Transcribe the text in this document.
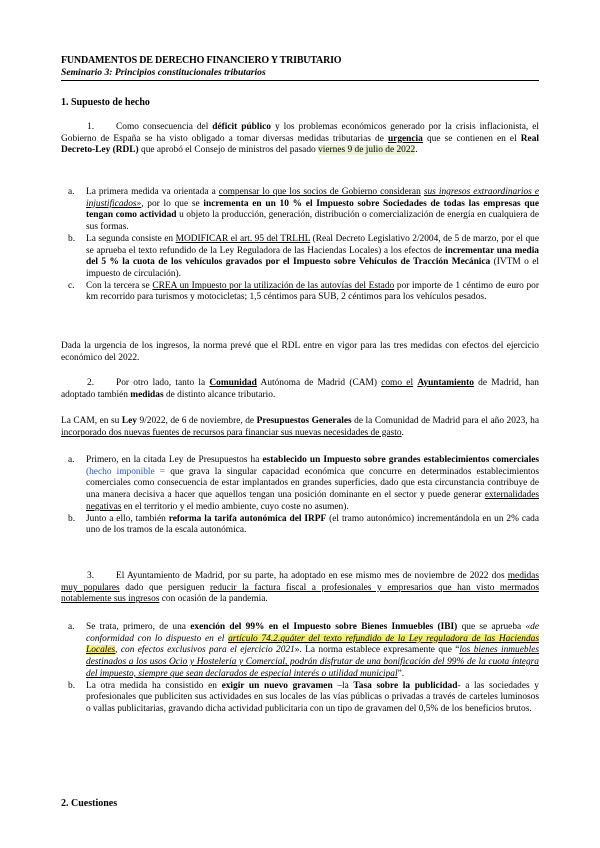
FUNDAMENTOS DE DERECHO FINANCIERO Y TRIBUTARIO
Seminario 3: Principios constitucionales tributarios
1. Supuesto de hecho
1. Como consecuencia del déficit público y los problemas económicos generado por la crisis inflacionista, el Gobierno de España se ha visto obligado a tomar diversas medidas tributarias de urgencia que se contienen en el Real Decreto-Ley (RDL) que aprobó el Consejo de ministros del pasado viernes 9 de julio de 2022.
a. La primera medida va orientada a compensar lo que los socios de Gobierno consideran sus ingresos extraordinarios e injustificados», por lo que se incrementa en un 10 % el Impuesto sobre Sociedades de todas las empresas que tengan como actividad u objeto la producción, generación, distribución o comercialización de energía en cualquiera de sus formas.
b. La segunda consiste en MODIFICAR el art. 95 del TRLHL (Real Decreto Legislativo 2/2004, de 5 de marzo, por el que se aprueba el texto refundido de la Ley Reguladora de las Haciendas Locales) a los efectos de incrementar una media del 5 % la cuota de los vehículos gravados por el Impuesto sobre Vehículos de Tracción Mecánica (IVTM o el impuesto de circulación).
c. Con la tercera se CREA un Impuesto por la utilización de las autovías del Estado por importe de 1 céntimo de euro por km recorrido para turismos y motocicletas; 1,5 céntimos para SUB, 2 céntimos para los vehículos pesados.
Dada la urgencia de los ingresos, la norma prevé que el RDL entre en vigor para las tres medidas con efectos del ejercicio económico del 2022.
2. Por otro lado, tanto la Comunidad Autónoma de Madrid (CAM) como el Ayuntamiento de Madrid, han adoptado también medidas de distinto alcance tributario.
La CAM, en su Ley 9/2022, de 6 de noviembre, de Presupuestos Generales de la Comunidad de Madrid para el año 2023, ha incorporado dos nuevas fuentes de recursos para financiar sus nuevas necesidades de gasto.
a. Primero, en la citada Ley de Presupuestos ha establecido un Impuesto sobre grandes establecimientos comerciales (hecho imponible = que grava la singular capacidad económica que concurre en determinados establecimientos comerciales como consecuencia de estar implantados en grandes superficies, dado que esta circunstancia contribuye de una manera decisiva a hacer que aquellos tengan una posición dominante en el sector y puede generar externalidades negativas en el territorio y el medio ambiente, cuyo coste no asumen).
b. Junto a ello, también reforma la tarifa autonómica del IRPF (el tramo autonómico) incrementándola en un 2% cada uno de los tramos de la escala autonómica.
3. El Ayuntamiento de Madrid, por su parte, ha adoptado en ese mismo mes de noviembre de 2022 dos medidas muy populares dado que persiguen reducir la factura fiscal a profesionales y empresarios que han visto mermados notablemente sus ingresos con ocasión de la pandemia.
a. Se trata, primero, de una exención del 99% en el Impuesto sobre Bienes Inmuebles (IBI) que se aprueba «de conformidad con lo dispuesto en el artículo 74.2.quáter del texto refundido de la Ley reguladora de las Haciendas Locales, con efectos exclusivos para el ejercicio 2021». La norma establece expresamente que “los bienes inmuebles destinados a los usos Ocio y Hostelería y Comercial, podrán disfrutar de una bonificación del 99% de la cuota íntegra del impuesto, siempre que sean declarados de especial interés o utilidad municipal”.
b. La otra medida ha consistido en exigir un nuevo gravamen –la Tasa sobre la publicidad- a las sociedades y profesionales que publiciten sus actividades en sus locales de las vías públicas o privadas a través de carteles luminosos o vallas publicitarias, gravando dicha actividad publicitaria con un tipo de gravamen del 0,5% de los beneficios brutos.
2. Cuestiones
